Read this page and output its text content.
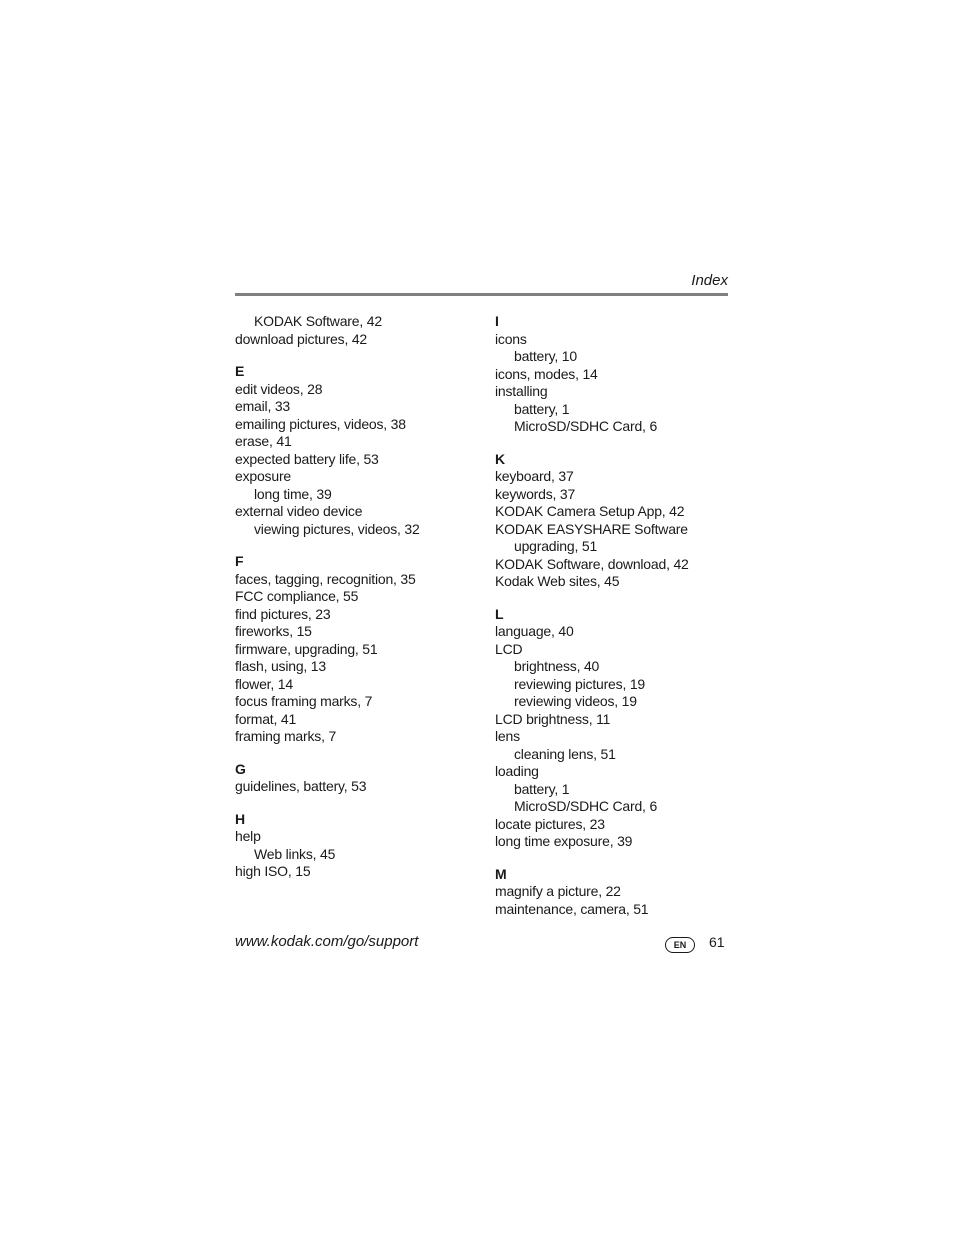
Index
KODAK Software, 42
download pictures, 42
E
edit videos, 28
email, 33
emailing pictures, videos, 38
erase, 41
expected battery life, 53
exposure
long time, 39
external video device
viewing pictures, videos, 32
F
faces, tagging, recognition, 35
FCC compliance, 55
find pictures, 23
fireworks, 15
firmware, upgrading, 51
flash, using, 13
flower, 14
focus framing marks, 7
format, 41
framing marks, 7
G
guidelines, battery, 53
H
help
Web links, 45
high ISO, 15
I
icons
battery, 10
icons, modes, 14
installing
battery, 1
MicroSD/SDHC Card, 6
K
keyboard, 37
keywords, 37
KODAK Camera Setup App, 42
KODAK EASYSHARE Software
upgrading, 51
KODAK Software, download, 42
Kodak Web sites, 45
L
language, 40
LCD
brightness, 40
reviewing pictures, 19
reviewing videos, 19
LCD brightness, 11
lens
cleaning lens, 51
loading
battery, 1
MicroSD/SDHC Card, 6
locate pictures, 23
long time exposure, 39
M
magnify a picture, 22
maintenance, camera, 51
www.kodak.com/go/support	EN	61
